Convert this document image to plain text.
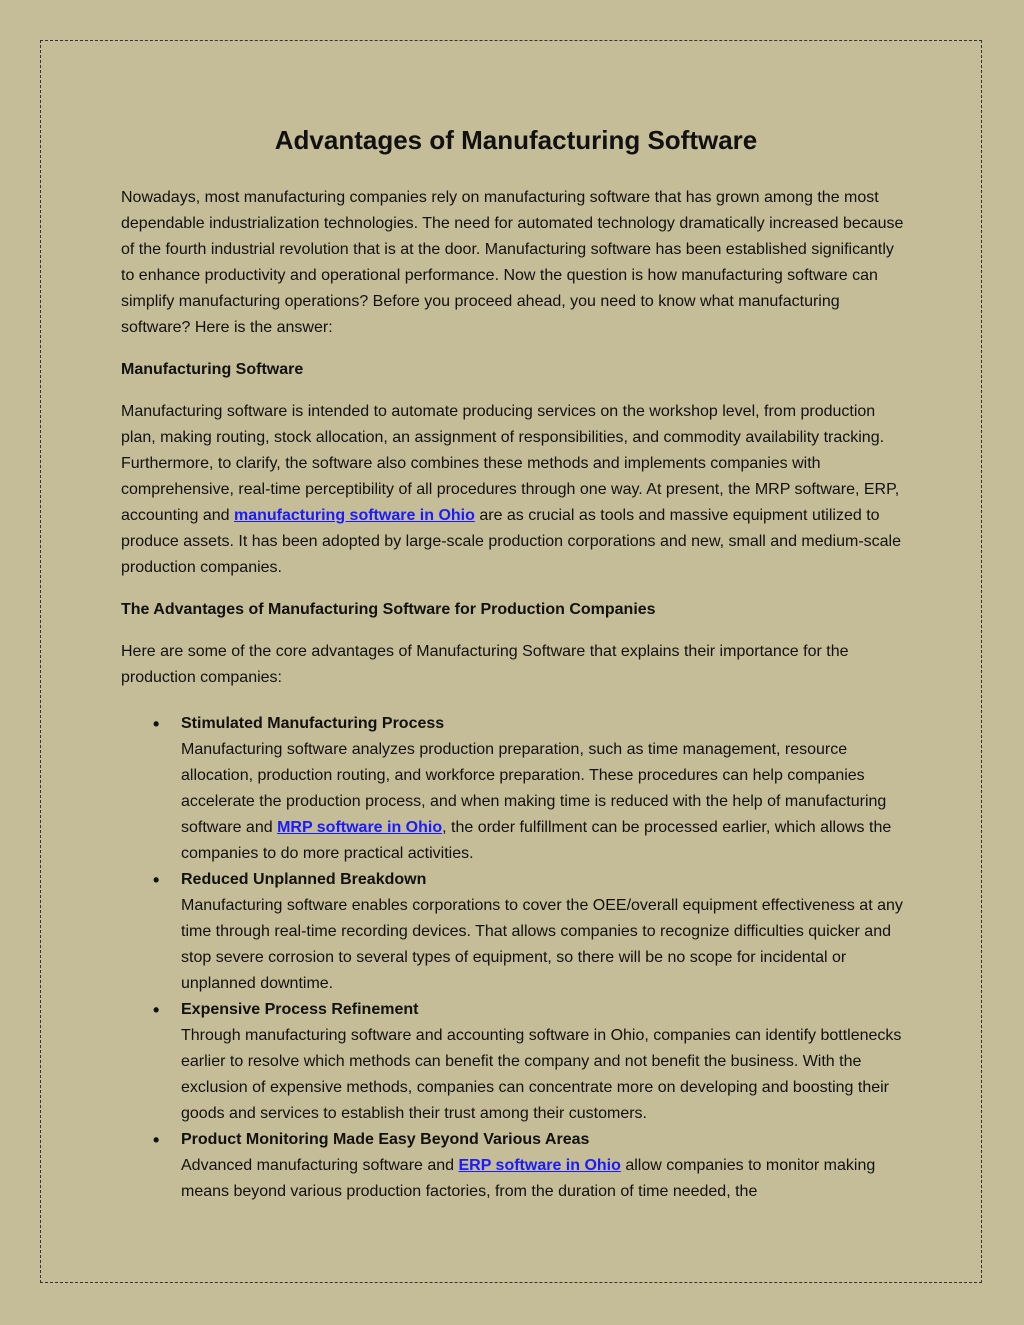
Advantages of Manufacturing Software

Nowadays, most manufacturing companies rely on manufacturing software that has grown among the most dependable industrialization technologies. The need for automated technology dramatically increased because of the fourth industrial revolution that is at the door. Manufacturing software has been established significantly to enhance productivity and operational performance. Now the question is how manufacturing software can simplify manufacturing operations? Before you proceed ahead, you need to know what manufacturing software? Here is the answer:

Manufacturing Software

Manufacturing software is intended to automate producing services on the workshop level, from production plan, making routing, stock allocation, an assignment of responsibilities, and commodity availability tracking. Furthermore, to clarify, the software also combines these methods and implements companies with comprehensive, real-time perceptibility of all procedures through one way. At present, the MRP software, ERP, accounting and manufacturing software in Ohio are as crucial as tools and massive equipment utilized to produce assets. It has been adopted by large-scale production corporations and new, small and medium-scale production companies.

The Advantages of Manufacturing Software for Production Companies

Here are some of the core advantages of Manufacturing Software that explains their importance for the production companies:

• Stimulated Manufacturing Process
Manufacturing software analyzes production preparation, such as time management, resource allocation, production routing, and workforce preparation. These procedures can help companies accelerate the production process, and when making time is reduced with the help of manufacturing software and MRP software in Ohio, the order fulfillment can be processed earlier, which allows the companies to do more practical activities.
• Reduced Unplanned Breakdown
Manufacturing software enables corporations to cover the OEE/overall equipment effectiveness at any time through real-time recording devices. That allows companies to recognize difficulties quicker and stop severe corrosion to several types of equipment, so there will be no scope for incidental or unplanned downtime.
• Expensive Process Refinement
Through manufacturing software and accounting software in Ohio, companies can identify bottlenecks earlier to resolve which methods can benefit the company and not benefit the business. With the exclusion of expensive methods, companies can concentrate more on developing and boosting their goods and services to establish their trust among their customers.
• Product Monitoring Made Easy Beyond Various Areas
Advanced manufacturing software and ERP software in Ohio allow companies to monitor making means beyond various production factories, from the duration of time needed, the
